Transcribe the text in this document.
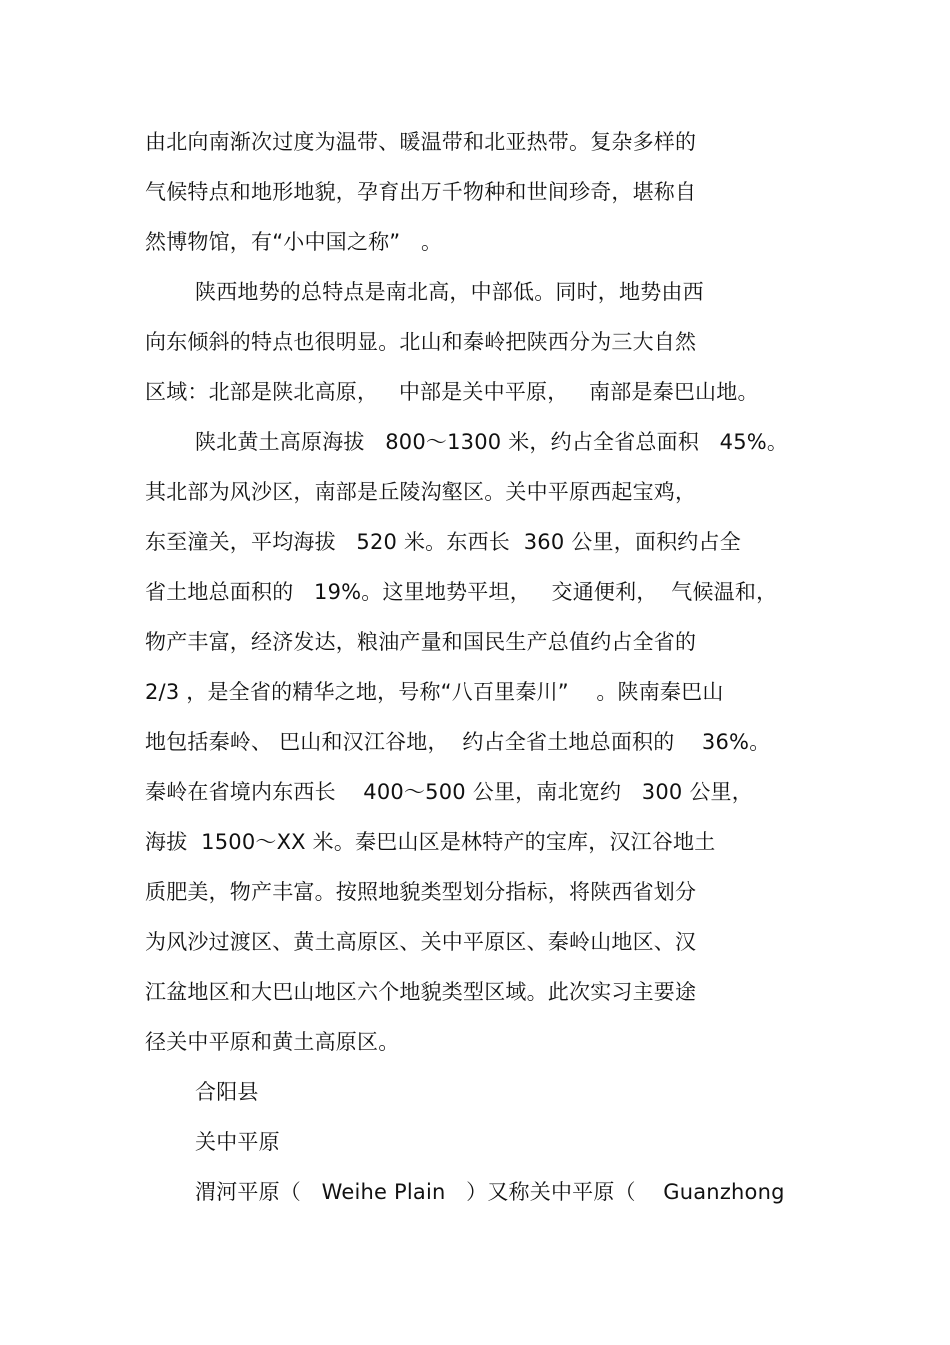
由北向南渐次过度为温带、暖温带和北亚热带。复杂多样的
气候特点和地形地貌，孕育出万千物种和世间珍奇，堪称自
然博物馆，有“小中国之称”   。
陕西地势的总特点是南北高，中部低。同时，地势由西
向东倾斜的特点也很明显。北山和秦岭把陕西分为三大自然
区域：北部是陕北高原，   中部是关中平原，   南部是秦巴山地。
陕北黄土高原海拔   800～1300 米，约占全省总面积   45%。
其北部为风沙区，南部是丘陵沟壑区。关中平原西起宝鸡，
东至潼关，平均海拔   520 米。东西长  360 公里，面积约占全
省土地总面积的   19%。这里地势平坦，   交通便利，  气候温和，
物产丰富，经济发达，粮油产量和国民生产总值约占全省的
2/3 ，是全省的精华之地，号称“八百里秦川”    。陕南秦巴山
地包括秦岭、 巴山和汉江谷地，  约占全省土地总面积的    36%。
秦岭在省境内东西长    400～500 公里，南北宽约   300 公里，
海拔  1500～XX 米。秦巴山区是林特产的宝库，汉江谷地土
质肥美，物产丰富。按照地貌类型划分指标，将陕西省划分
为风沙过渡区、黄土高原区、关中平原区、秦岭山地区、汉
江盆地区和大巴山地区六个地貌类型区域。此次实习主要途
径关中平原和黄土高原区。
合阳县
关中平原
渭河平原（   Weihe Plain   ）又称关中平原（    Guanzhong
